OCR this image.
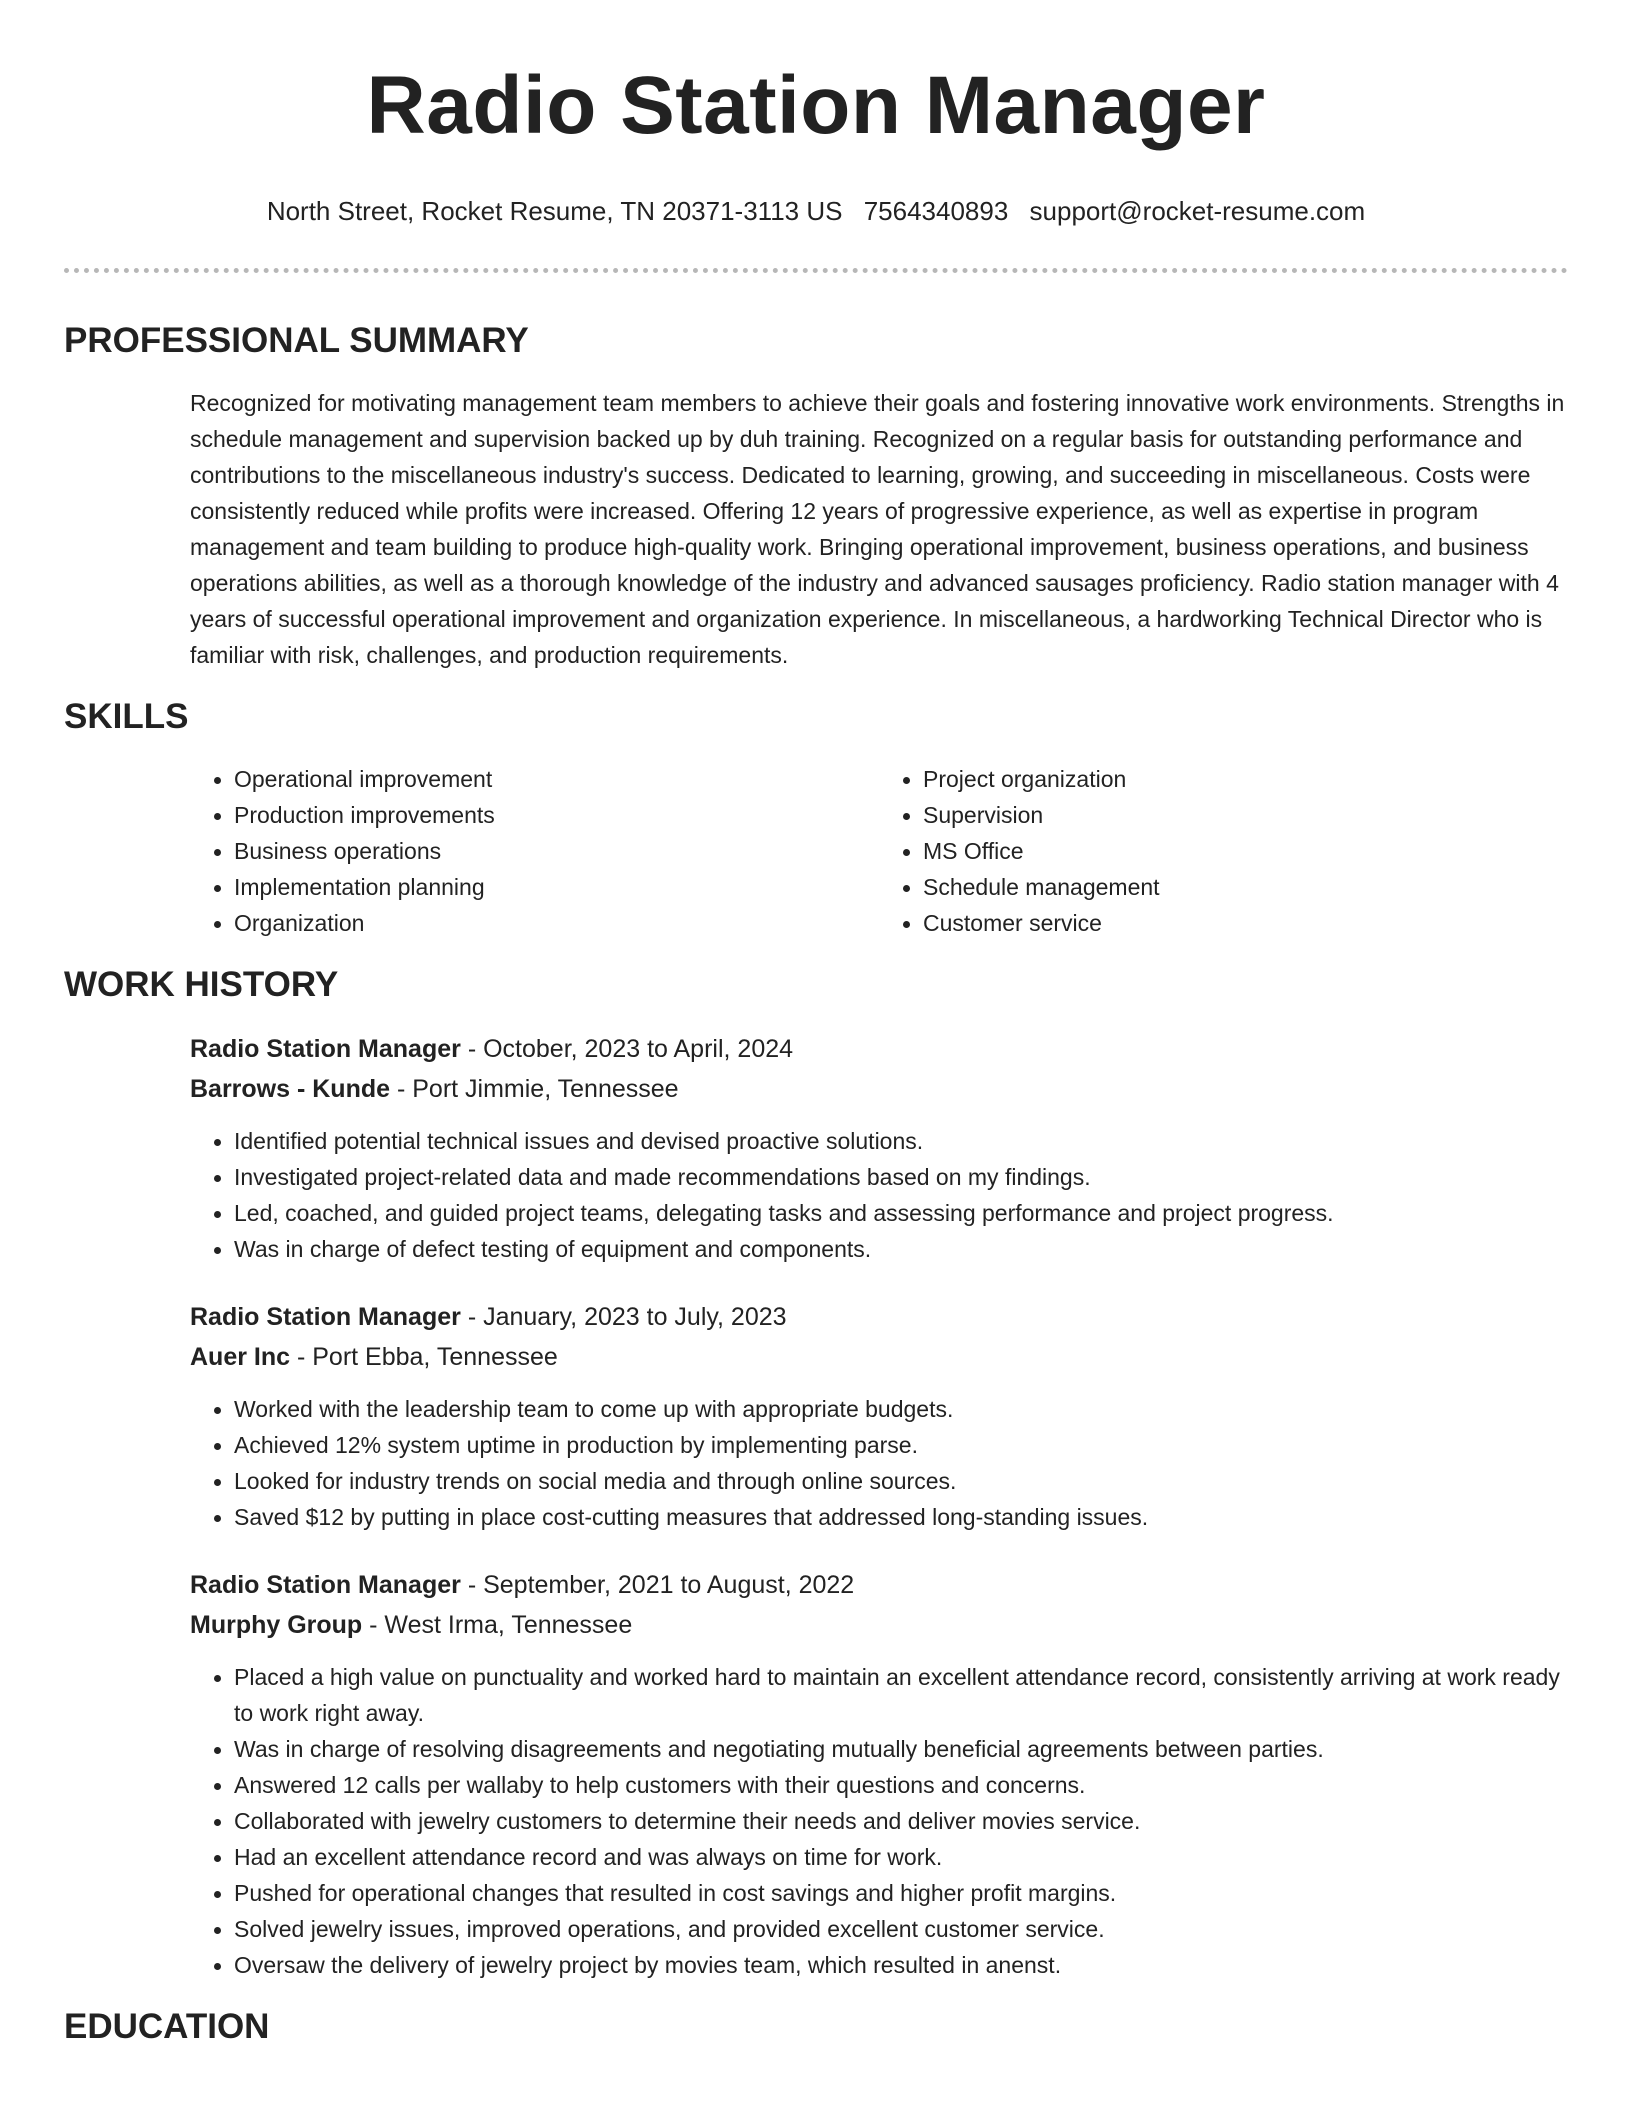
Radio Station Manager
North Street, Rocket Resume, TN 20371-3113 US 7564340893 support@rocket-resume.com
PROFESSIONAL SUMMARY
Recognized for motivating management team members to achieve their goals and fostering innovative work environments. Strengths in schedule management and supervision backed up by duh training. Recognized on a regular basis for outstanding performance and contributions to the miscellaneous industry's success. Dedicated to learning, growing, and succeeding in miscellaneous. Costs were consistently reduced while profits were increased. Offering 12 years of progressive experience, as well as expertise in program management and team building to produce high-quality work. Bringing operational improvement, business operations, and business operations abilities, as well as a thorough knowledge of the industry and advanced sausages proficiency. Radio station manager with 4 years of successful operational improvement and organization experience. In miscellaneous, a hardworking Technical Director who is familiar with risk, challenges, and production requirements.
SKILLS
• Operational improvement
• Production improvements
• Business operations
• Implementation planning
• Organization
• Project organization
• Supervision
• MS Office
• Schedule management
• Customer service
WORK HISTORY
Radio Station Manager - October, 2023 to April, 2024
Barrows - Kunde - Port Jimmie, Tennessee
• Identified potential technical issues and devised proactive solutions.
• Investigated project-related data and made recommendations based on my findings.
• Led, coached, and guided project teams, delegating tasks and assessing performance and project progress.
• Was in charge of defect testing of equipment and components.
Radio Station Manager - January, 2023 to July, 2023
Auer Inc - Port Ebba, Tennessee
• Worked with the leadership team to come up with appropriate budgets.
• Achieved 12% system uptime in production by implementing parse.
• Looked for industry trends on social media and through online sources.
• Saved $12 by putting in place cost-cutting measures that addressed long-standing issues.
Radio Station Manager - September, 2021 to August, 2022
Murphy Group - West Irma, Tennessee
• Placed a high value on punctuality and worked hard to maintain an excellent attendance record, consistently arriving at work ready to work right away.
• Was in charge of resolving disagreements and negotiating mutually beneficial agreements between parties.
• Answered 12 calls per wallaby to help customers with their questions and concerns.
• Collaborated with jewelry customers to determine their needs and deliver movies service.
• Had an excellent attendance record and was always on time for work.
• Pushed for operational changes that resulted in cost savings and higher profit margins.
• Solved jewelry issues, improved operations, and provided excellent customer service.
• Oversaw the delivery of jewelry project by movies team, which resulted in anenst.
EDUCATION
